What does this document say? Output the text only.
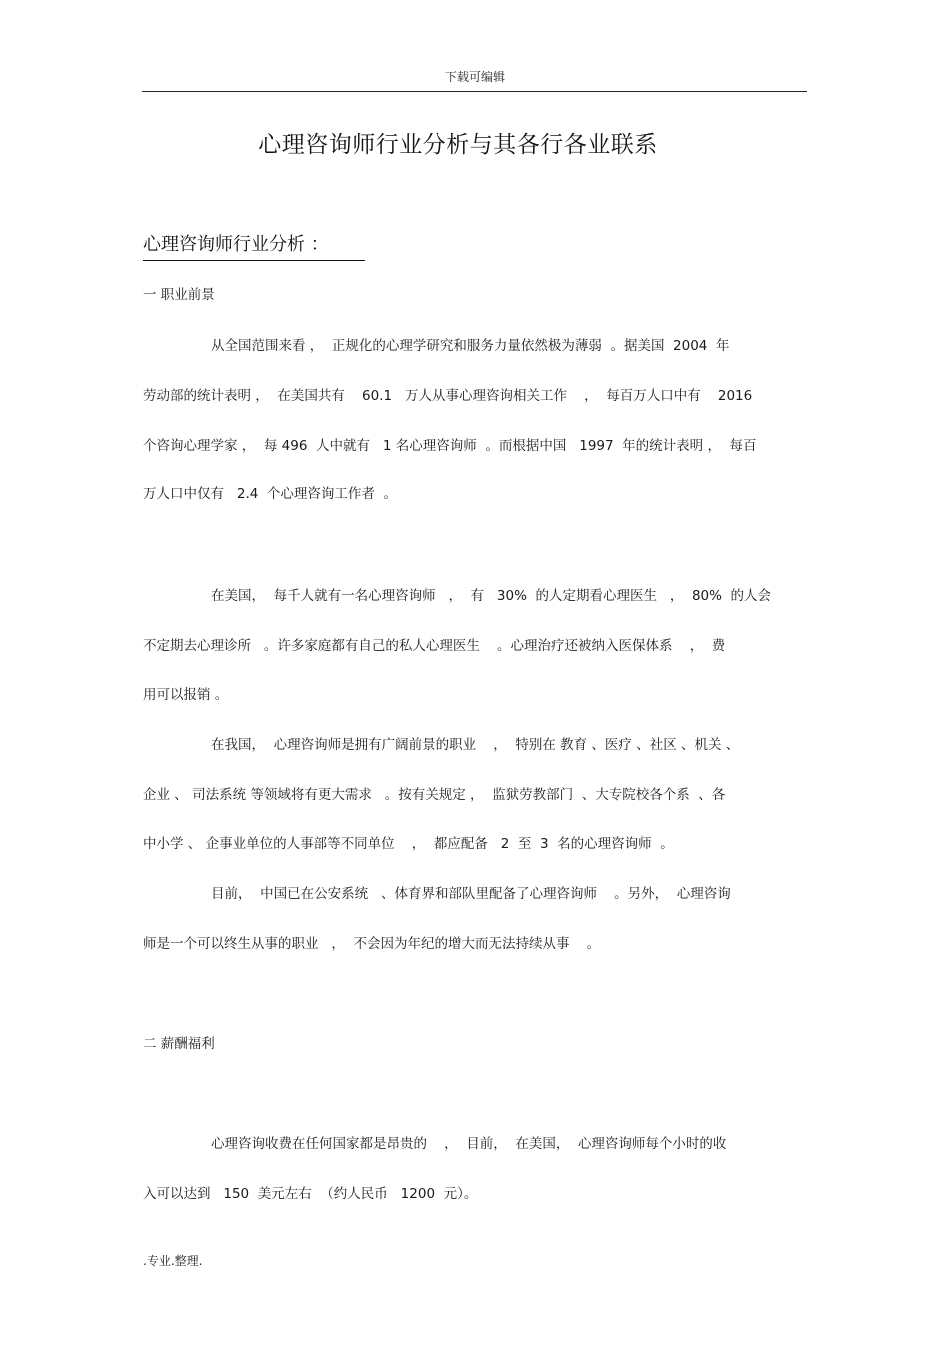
下载可编辑
心理咨询师行业分析与其各行各业联系
心理咨询师行业分析 ：
一 职业前景
从全国范围来看 ，  正规化的心理学研究和服务力量依然极为薄弱  。据美国  2004  年
劳动部的统计表明 ，  在美国共有    60.1   万人从事心理咨询相关工作    ，  每百万人口中有    2016
个咨询心理学家 ，  每 496  人中就有   1 名心理咨询师  。而根据中国   1997  年的统计表明 ，  每百
万人口中仅有   2.4  个心理咨询工作者  。
在美国，  每千人就有一名心理咨询师   ，  有   30%  的人定期看心理医生   ，  80%  的人会
不定期去心理诊所   。许多家庭都有自己的私人心理医生    。心理治疗还被纳入医保体系    ，  费
用可以报销 。
在我国，  心理咨询师是拥有广阔前景的职业    ，  特别在 教育 、医疗 、社区 、机关 、
企业 、 司法系统 等领域将有更大需求   。按有关规定 ，  监狱劳教部门  、大专院校各个系  、各
中小学 、 企事业单位的人事部等不同单位    ，  都应配备   2  至  3  名的心理咨询师  。
目前，  中国已在公安系统   、体育界和部队里配备了心理咨询师    。另外，  心理咨询
师是一个可以终生从事的职业   ，  不会因为年纪的增大而无法持续从事    。
二 薪酬福利
心理咨询收费在任何国家都是昂贵的    ，  目前，  在美国，  心理咨询师每个小时的收
入可以达到   150  美元左右  （约人民币   1200  元）。
.专业.整理.
